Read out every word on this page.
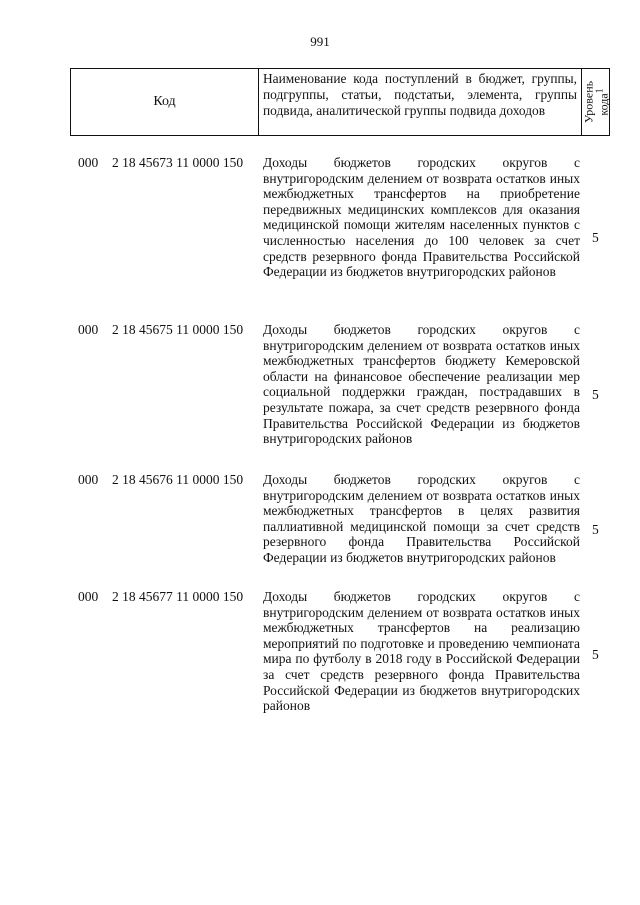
991
Код
Наименование кода поступлений в бюджет, группы, подгруппы, статьи, подстатьи, элемента, группы подвида, аналитической группы подвида доходов	Уровень кода$^1$
000 2 18 45673 11 0000 150 Доходы бюджетов городских округов с внутригородским делением от возврата остатков иных межбюджетных трансфертов на приобретение передвижных медицинских комплексов для оказания медицинской помощи жителям населенных пунктов с численностью населения до 100 человек за счет средств резервного фонда Правительства Российской Федерации из бюджетов внутригородских районов
5
000 2 18 45675 11 0000 150 Доходы бюджетов городских округов с внутригородским делением от возврата остатков иных межбюджетных трансфертов бюджету Кемеровской области на финансовое обеспечение реализации мер социальной поддержки граждан, пострадавших в результате пожара, за счет средств резервного фонда Правительства Российской Федерации из бюджетов внутригородских районов
5
000 2 18 45676 11 0000 150 Доходы бюджетов городских округов с внутригородским делением от возврата остатков иных межбюджетных трансфертов в целях развития паллиативной медицинской помощи за счет средств резервного фонда Правительства Российской Федерации из бюджетов внутригородских районов
5
000 2 18 45677 11 0000 150 Доходы бюджетов городских округов с внутригородским делением от возврата остатков иных межбюджетных трансфертов на реализацию мероприятий по подготовке и проведению чемпионата мира по футболу в 2018 году в Российской Федерации за счет средств резервного фонда Правительства Российской Федерации из бюджетов внутригородских районов
5
